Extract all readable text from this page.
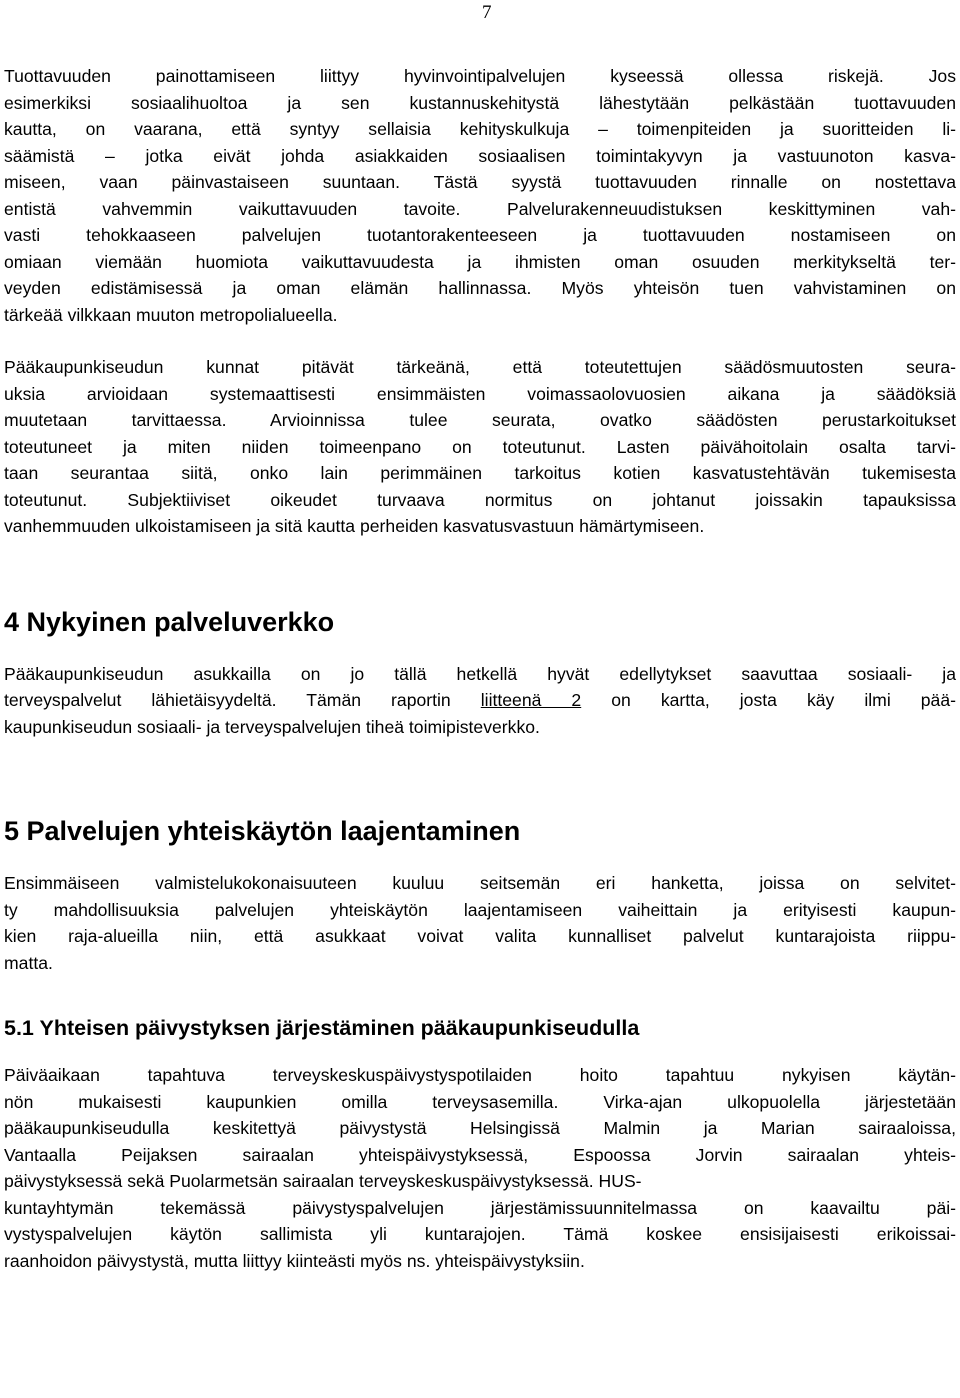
7
Tuottavuuden painottamiseen liittyy hyvinvointipalvelujen kyseessä ollessa riskejä. Jos
esimerkiksi sosiaalihuoltoa ja sen kustannuskehitystä lähestytään pelkästään tuottavuuden
kautta, on vaarana, että syntyy sellaisia kehityskulkuja – toimenpiteiden ja suoritteiden li-
säämistä – jotka eivät johda asiakkaiden sosiaalisen toimintakyvyn ja vastuunoton kasva-
miseen, vaan päinvastaiseen suuntaan. Tästä syystä tuottavuuden rinnalle on nostettava
entistä vahvemmin vaikuttavuuden tavoite. Palvelurakenneuudistuksen keskittyminen vah-
vasti tehokkaaseen palvelujen tuotantorakenteeseen ja tuottavuuden nostamiseen on
omiaan viemään huomiota vaikuttavuudesta ja ihmisten oman osuuden merkitykseltä ter-
veyden edistämisessä ja oman elämän hallinnassa. Myös yhteisön tuen vahvistaminen on
tärkeää vilkkaan muuton metropolialueella.
Pääkaupunkiseudun kunnat pitävät tärkeänä, että toteutettujen säädösmuutosten seura-
uksia arvioidaan systemaattisesti ensimmäisten voimassaolovuosien aikana ja säädöksiä
muutetaan tarvittaessa. Arvioinnissa tulee seurata, ovatko säädösten perustarkoitukset
toteutuneet ja miten niiden toimeenpano on toteutunut. Lasten päivähoitolain osalta tarvi-
taan seurantaa siitä, onko lain perimmäinen tarkoitus kotien kasvatustehtävän tukemisesta
toteutunut. Subjektiiviset oikeudet turvaava normitus on johtanut joissakin tapauksissa
vanhemmuuden ulkoistamiseen ja sitä kautta perheiden kasvatusvastuun hämärtymiseen.
4 Nykyinen palveluverkko
Pääkaupunkiseudun asukkailla on jo tällä hetkellä hyvät edellytykset saavuttaa sosiaali- ja
terveyspalvelut lähietäisyydeltä. Tämän raportin liitteenä 2 on kartta, josta käy ilmi pää-
kaupunkiseudun sosiaali- ja terveyspalvelujen tiheä toimipisteverkko.
5 Palvelujen yhteiskäytön laajentaminen
Ensimmäiseen valmistelukokonaisuuteen kuuluu seitsemän eri hanketta, joissa on selvitet-
ty mahdollisuuksia palvelujen yhteiskäytön laajentamiseen vaiheittain ja erityisesti kaupun-
kien raja-alueilla niin, että asukkaat voivat valita kunnalliset palvelut kuntarajoista riippu-
matta.
5.1 Yhteisen päivystyksen järjestäminen pääkaupunkiseudulla
Päiväaikaan tapahtuva terveyskeskuspäivystyspotilaiden hoito tapahtuu nykyisen käytän-
nön mukaisesti kaupunkien omilla terveysasemilla. Virka-ajan ulkopuolella järjestetään
pääkaupunkiseudulla keskitettyä päivystystä Helsingissä Malmin ja Marian sairaaloissa,
Vantaalla Peijaksen sairaalan yhteispäivystyksessä, Espoossa Jorvin sairaalan yhteis-
päivystyksessä sekä Puolarmetsän sairaalan terveyskeskuspäivystyksessä. HUS-
kuntayhtymän tekemässä päivystyspalvelujen järjestämissuunnitelmassa on kaavailtu päi-
vystyspalvelujen käytön sallimista yli kuntarajojen. Tämä koskee ensisijaisesti erikoissai-
raanhoidon päivystystä, mutta liittyy kiinteästi myös ns. yhteispäivystyksiin.
